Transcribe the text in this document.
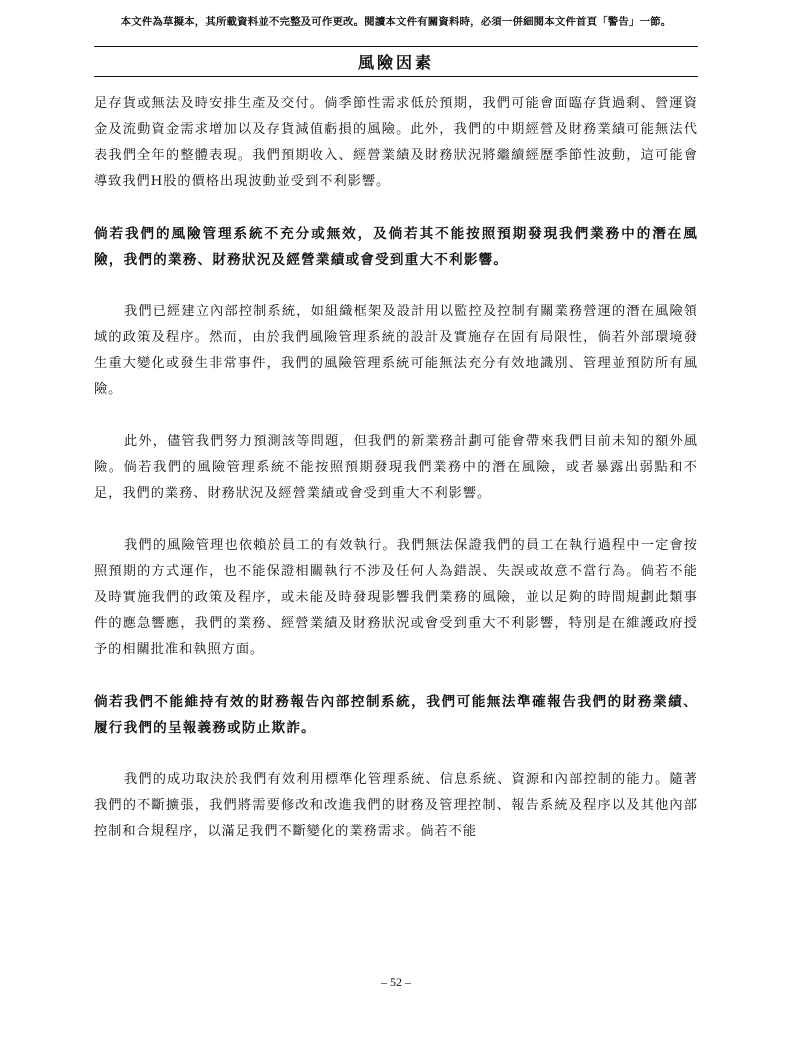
本文件為草擬本，其所載資料並不完整及可作更改。閱讀本文件有關資料時，必須一併細閱本文件首頁「警告」一節。
風險因素

足存貨或無法及時安排生產及交付。倘季節性需求低於預期，我們可能會面臨存貨過剩、營運資金及流動資金需求增加以及存貨減值虧損的風險。此外，我們的中期經營及財務業績可能無法代表我們全年的整體表現。我們預期收入、經營業績及財務狀況將繼續經歷季節性波動，這可能會導致我們H股的價格出現波動並受到不利影響。

倘若我們的風險管理系統不充分或無效，及倘若其不能按照預期發現我們業務中的潛在風險，我們的業務、財務狀況及經營業績或會受到重大不利影響。

我們已經建立內部控制系統，如組織框架及設計用以監控及控制有關業務營運的潛在風險領域的政策及程序。然而，由於我們風險管理系統的設計及實施存在固有局限性，倘若外部環境發生重大變化或發生非常事件，我們的風險管理系統可能無法充分有效地識別、管理並預防所有風險。

此外，儘管我們努力預測該等問題，但我們的新業務計劃可能會帶來我們目前未知的額外風險。倘若我們的風險管理系統不能按照預期發現我們業務中的潛在風險，或者暴露出弱點和不足，我們的業務、財務狀況及經營業績或會受到重大不利影響。

我們的風險管理也依賴於員工的有效執行。我們無法保證我們的員工在執行過程中一定會按照預期的方式運作，也不能保證相關執行不涉及任何人為錯誤、失誤或故意不當行為。倘若不能及時實施我們的政策及程序，或未能及時發現影響我們業務的風險，並以足夠的時間規劃此類事件的應急響應，我們的業務、經營業績及財務狀況或會受到重大不利影響，特別是在維護政府授予的相關批准和執照方面。

倘若我們不能維持有效的財務報告內部控制系統，我們可能無法準確報告我們的財務業績、履行我們的呈報義務或防止欺詐。

我們的成功取決於我們有效利用標準化管理系統、信息系統、資源和內部控制的能力。隨著我們的不斷擴張，我們將需要修改和改進我們的財務及管理控制、報告系統及程序以及其他內部控制和合規程序，以滿足我們不斷變化的業務需求。倘若不能

– 52 –
